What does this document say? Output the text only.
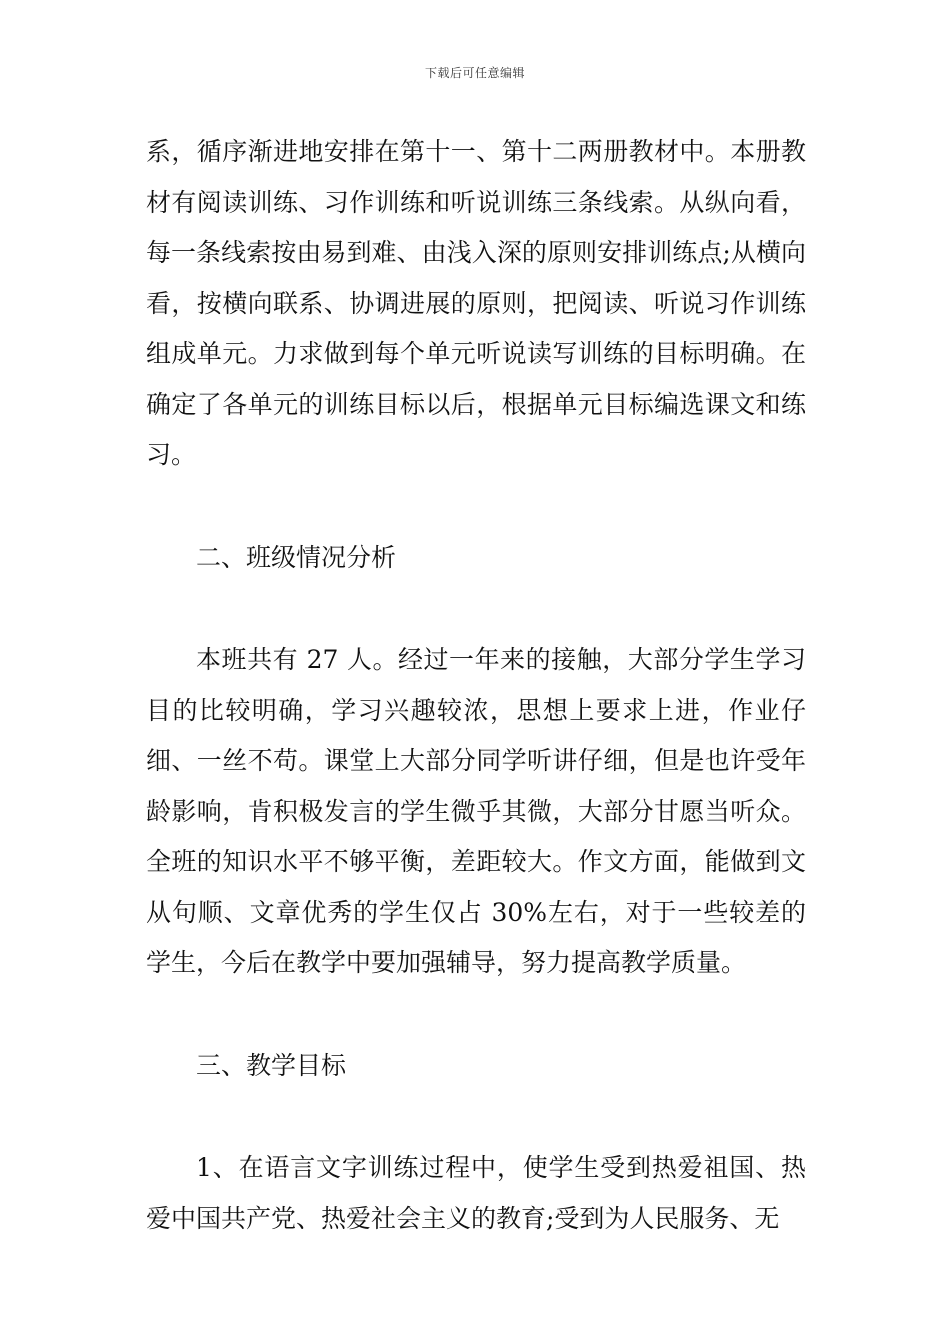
下载后可任意编辑

系，循序渐进地安排在第十一、第十二两册教材中。本册教材有阅读训练、习作训练和听说训练三条线索。从纵向看，每一条线索按由易到难、由浅入深的原则安排训练点;从横向看，按横向联系、协调进展的原则，把阅读、听说习作训练组成单元。力求做到每个单元听说读写训练的目标明确。在确定了各单元的训练目标以后，根据单元目标编选课文和练习。

二、班级情况分析

本班共有 27 人。经过一年来的接触，大部分学生学习目的比较明确，学习兴趣较浓，思想上要求上进，作业仔细、一丝不苟。课堂上大部分同学听讲仔细，但是也许受年龄影响，肯积极发言的学生微乎其微，大部分甘愿当听众。全班的知识水平不够平衡，差距较大。作文方面，能做到文从句顺、文章优秀的学生仅占 30%左右，对于一些较差的学生，今后在教学中要加强辅导，努力提高教学质量。

三、教学目标

1、在语言文字训练过程中，使学生受到热爱祖国、热爱中国共产党、热爱社会主义的教育;受到为人民服务、无
